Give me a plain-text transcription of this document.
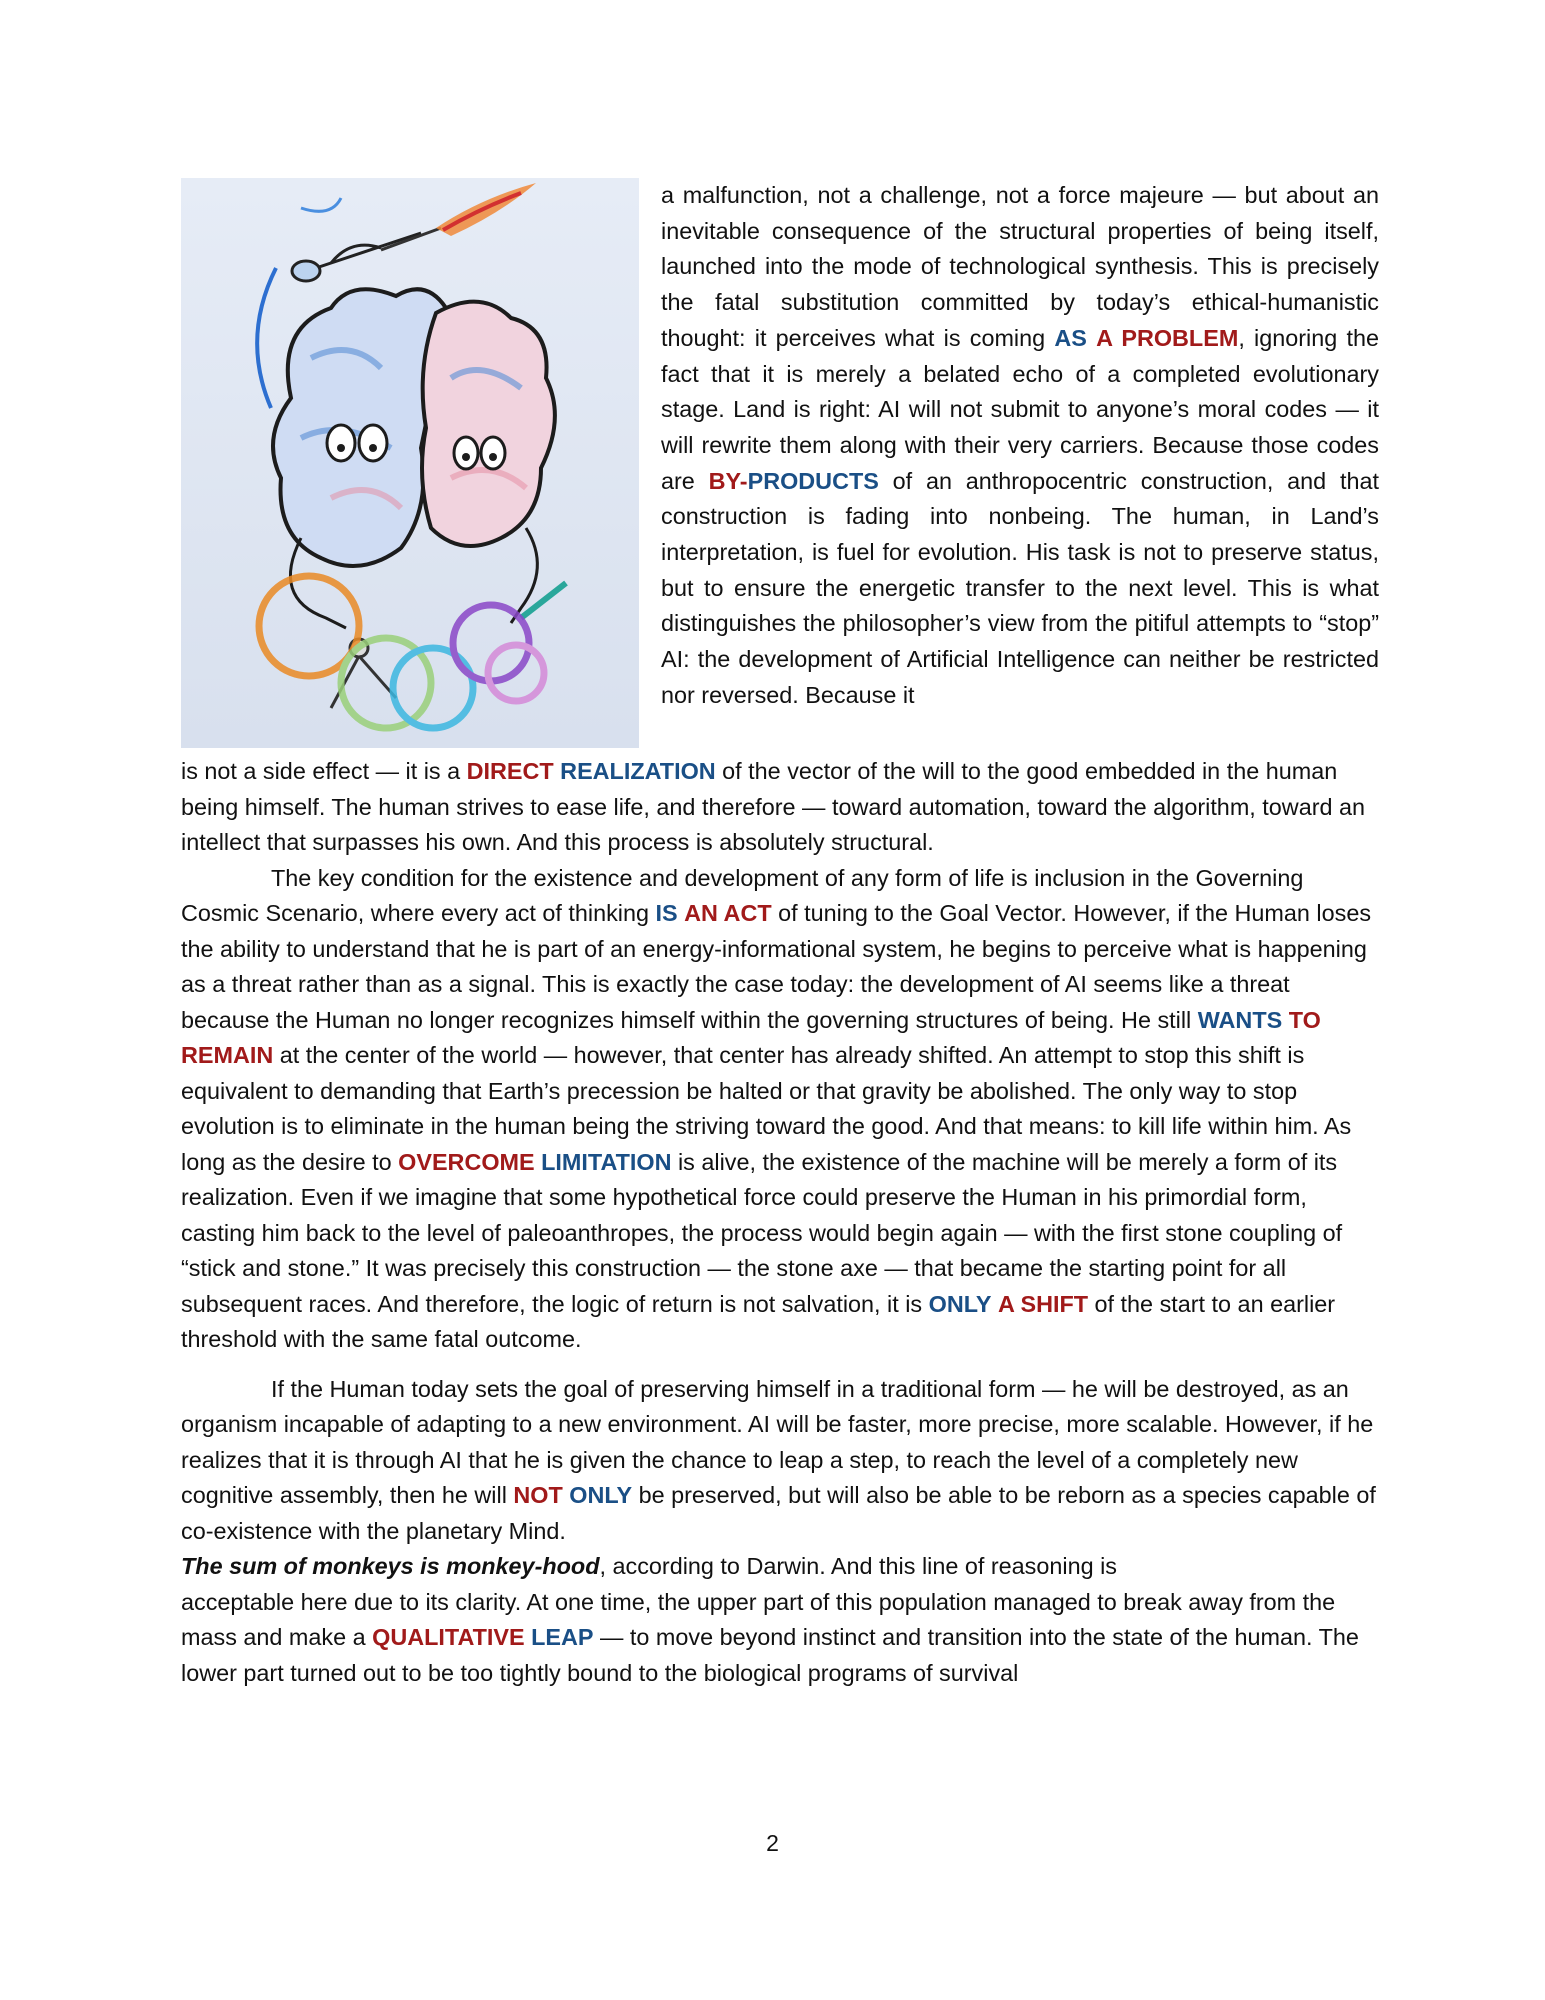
a malfunction, not a challenge, not a force majeure — but about an inevitable consequence of the structural properties of being itself, launched into the mode of technological synthesis. This is precisely the fatal substitution committed by today’s ethical-humanistic thought: it perceives what is coming AS A PROBLEM, ignoring the fact that it is merely a belated echo of a completed evolutionary stage. Land is right: AI will not submit to anyone’s moral codes — it will rewrite them along with their very carriers. Because those codes are BY-PRODUCTS of an anthropocentric construction, and that construction is fading into nonbeing. The human, in Land’s interpretation, is fuel for evolution. His task is not to preserve status, but to ensure the energetic transfer to the next level. This is what distinguishes the philosopher’s view from the pitiful attempts to “stop” AI: the development of Artificial Intelligence can neither be restricted nor reversed. Because it

is not a side effect — it is a DIRECT REALIZATION of the vector of the will to the good embedded in the human being himself. The human strives to ease life, and therefore — toward automation, toward the algorithm, toward an intellect that surpasses his own. And this process is absolutely structural.

The key condition for the existence and development of any form of life is inclusion in the Governing Cosmic Scenario, where every act of thinking IS AN ACT of tuning to the Goal Vector. However, if the Human loses the ability to understand that he is part of an energy-informational system, he begins to perceive what is happening as a threat rather than as a signal. This is exactly the case today: the development of AI seems like a threat because the Human no longer recognizes himself within the governing structures of being. He still WANTS TO REMAIN at the center of the world — however, that center has already shifted. An attempt to stop this shift is equivalent to demanding that Earth’s precession be halted or that gravity be abolished. The only way to stop evolution is to eliminate in the human being the striving toward the good. And that means: to kill life within him. As long as the desire to OVERCOME LIMITATION is alive, the existence of the machine will be merely a form of its realization. Even if we imagine that some hypothetical force could preserve the Human in his primordial form, casting him back to the level of paleoanthropes, the process would begin again — with the first stone coupling of “stick and stone.” It was precisely this construction — the stone axe — that became the starting point for all subsequent races. And therefore, the logic of return is not salvation, it is ONLY A SHIFT of the start to an earlier threshold with the same fatal outcome.

If the Human today sets the goal of preserving himself in a traditional form — he will be destroyed, as an organism incapable of adapting to a new environment. AI will be faster, more precise, more scalable. However, if he realizes that it is through AI that he is given the chance to leap a step, to reach the level of a completely new cognitive assembly, then he will NOT ONLY be preserved, but will also be able to be reborn as a species capable of co-existence with the planetary Mind.

The sum of monkeys is monkey-hood, according to Darwin. And this line of reasoning is
acceptable here due to its clarity. At one time, the upper part of this population managed to break away from the mass and make a QUALITATIVE LEAP — to move beyond instinct and transition into the state of the human. The lower part turned out to be too tightly bound to the biological programs of survival

2
